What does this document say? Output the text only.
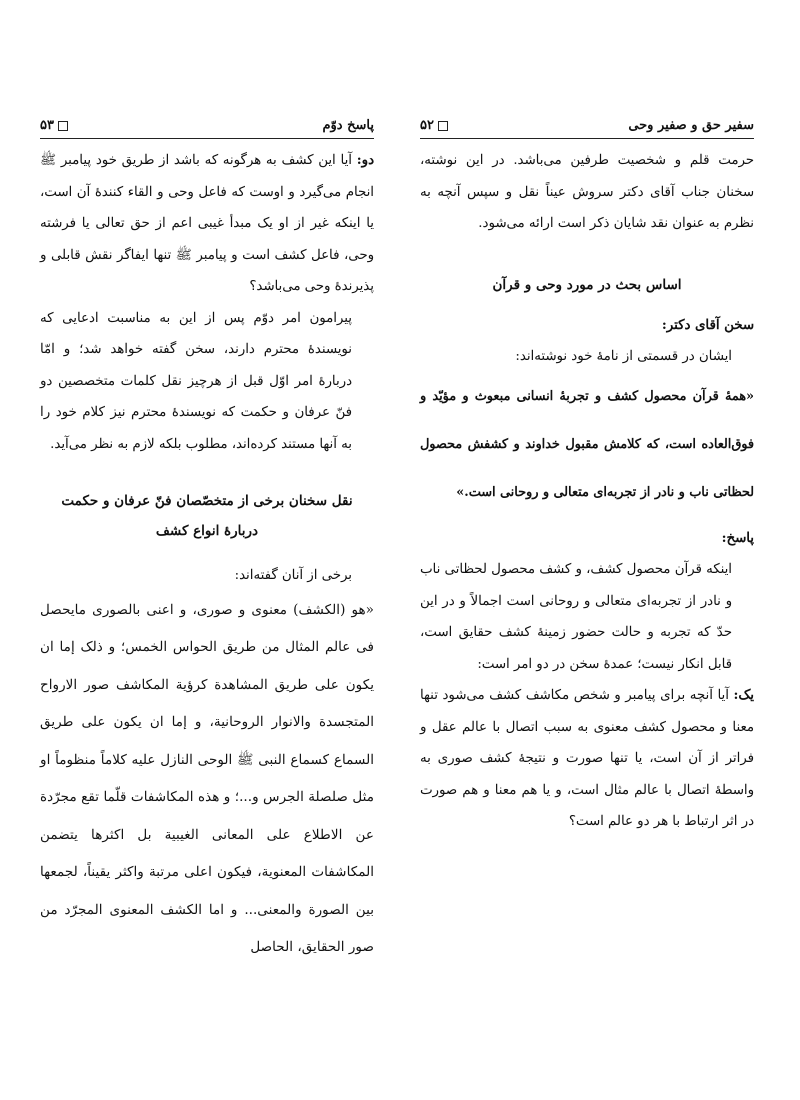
پاسخ دوّم
۵۳

دو: آیا این کشف به هرگونه که باشد از طریق خود پیامبر ﷺ انجام می‌گیرد و اوست که فاعل وحی و القاء کنندهٔ آن است، یا اینکه غیر از او یک مبدأ غیبی اعم از حق تعالی یا فرشته وحی، فاعل کشف است و پیامبر ﷺ تنها ایفاگر نقش قابلی و پذیرندهٔ وحی می‌باشد؟

پیرامون امر دوّم پس از این به مناسبت ادعایی که نویسندهٔ محترم دارند، سخن گفته خواهد شد؛ و امّا دربارهٔ امر اوّل قبل از هرچیز نقل کلمات متخصصین دو فنّ عرفان و حکمت که نویسندهٔ محترم نیز کلام خود را به آنها مستند کرده‌اند، مطلوب بلکه لازم به نظر می‌آید.

نقل سخنان برخی از متخصّصان فنّ عرفان و حکمت

دربارهٔ انواع کشف

برخی از آنان گفته‌اند:

«هو (الکشف) معنوی و صوری، و اعنی بالصوری مایحصل فی عالم المثال من طریق الحواس الخمس؛ و ذلک إما ان یکون علی طریق المشاهدة کرؤیة المکاشف صور الارواح المتجسدة والانوار الروحانیة، و إما ان یکون علی طریق السماع کسماع النبی ﷺ الوحی النازل علیه کلاماً منظوماً او مثل صلصلة الجرس و...؛ و هذه المکاشفات قلّما تقع مجرّدة عن الاطلاع علی المعانی الغیبیة بل اکثرها یتضمن المکاشفات المعنویة، فیکون اعلی مرتبة واکثر یقیناً، لجمعها بین الصورة والمعنی... و اما الکشف المعنوی المجرّد من صور الحقایق، الحاصل

سفیر حق و صفیر وحی
۵۲

حرمت قلم و شخصیت طرفین می‌باشد. در این نوشته، سخنان جناب آقای دکتر سروش عیناً نقل و سپس آنچه به نظرم به عنوان نقد شایان ذکر است ارائه می‌شود.

اساس بحث در مورد وحی و قرآن

سخن آقای دکتر:

ایشان در قسمتی از نامهٔ خود نوشته‌اند:

«همهٔ قرآن محصول کشف و تجربهٔ انسانی مبعوث و مؤیّد و فوق‌العاده است، که کلامش مقبول خداوند و کشفش محصول لحظاتی ناب و نادر از تجربه‌ای متعالی و روحانی است.»

پاسخ:

اینکه قرآن محصول کشف، و کشف محصول لحظاتی ناب و نادر از تجربه‌ای متعالی و روحانی است اجمالاً و در این حدّ که تجربه و حالت حضور زمینهٔ کشف حقایق است، قابل انکار نیست؛ عمدهٔ سخن در دو امر است:

یک: آیا آنچه برای پیامبر و شخص مکاشف کشف می‌شود تنها معنا و محصول کشف معنوی به سبب اتصال با عالم عقل و فراتر از آن است، یا تنها صورت و نتیجهٔ کشف صوری به واسطهٔ اتصال با عالم مثال است، و یا هم معنا و هم صورت در اثر ارتباط با هر دو عالم است؟
